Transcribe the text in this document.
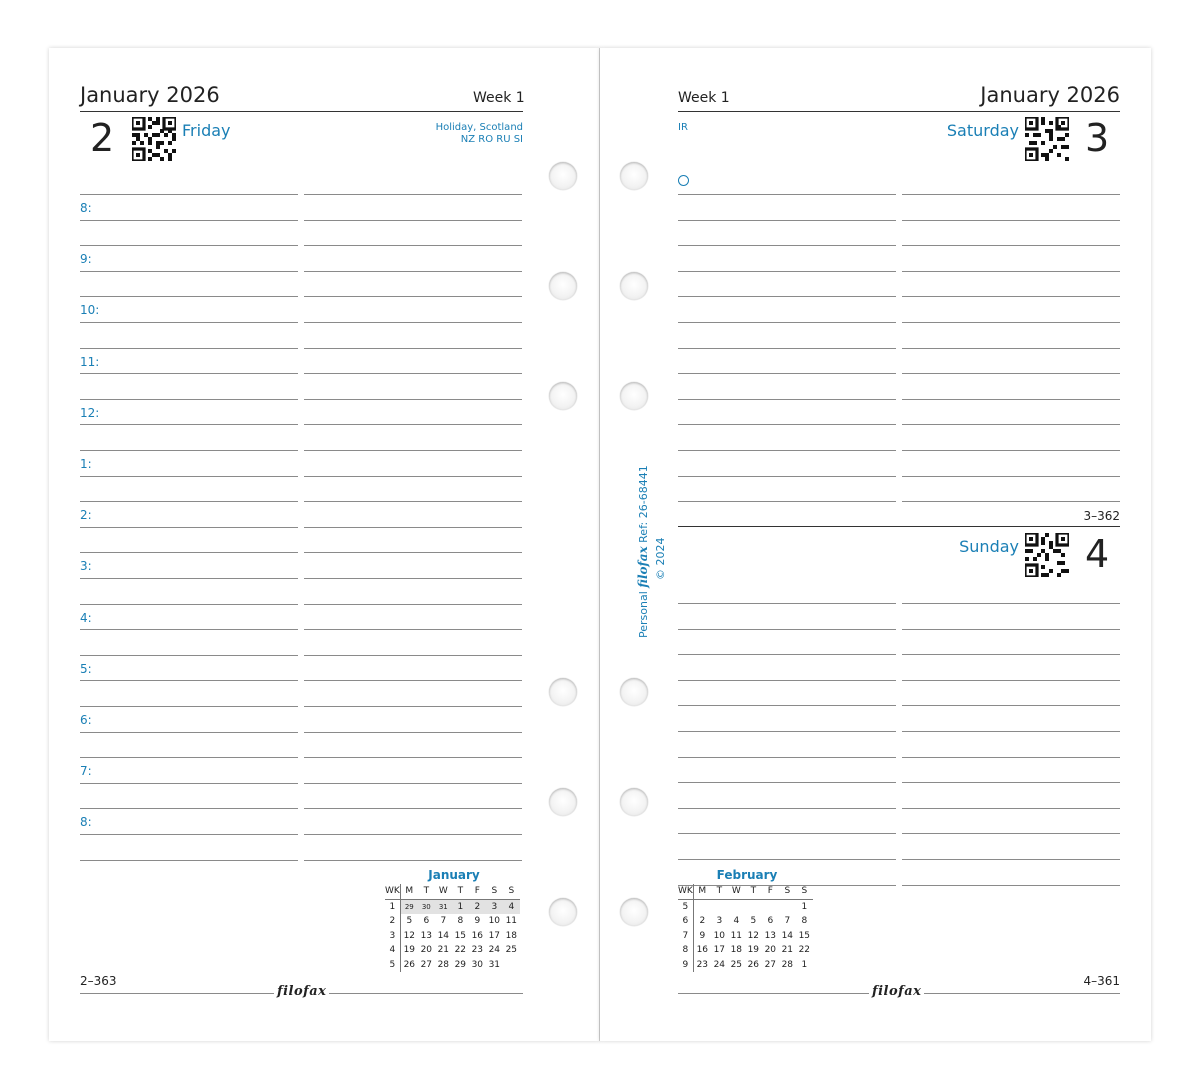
January 2026	Week 1
2	Friday	Holiday, Scotland
NZ RO RU SI
8:
9:
10:
11:
12:
1:
2:
3:
4:
5:
6:
7:
8:
January
WK	M	T	W	T	F	S	S
1	29	30	31	1	2	3	4
2	5	6	7	8	9	10	11
3	12	13	14	15	16	17	18
4	19	20	21	22	23	24	25
5	26	27	28	29	30	31	
2–363
filofax
Week 1	January 2026
IR	Saturday 3
3–362
Sunday 4
February
WK	M	T	W	T	F	S	S
5							1
6	2	3	4	5	6	7	8
7	9	10	11	12	13	14	15
8	16	17	18	19	20	21	22
9	23	24	25	26	27	28	1
4–361
filofax
Personal filofax Ref: 26-68441
© 2024
